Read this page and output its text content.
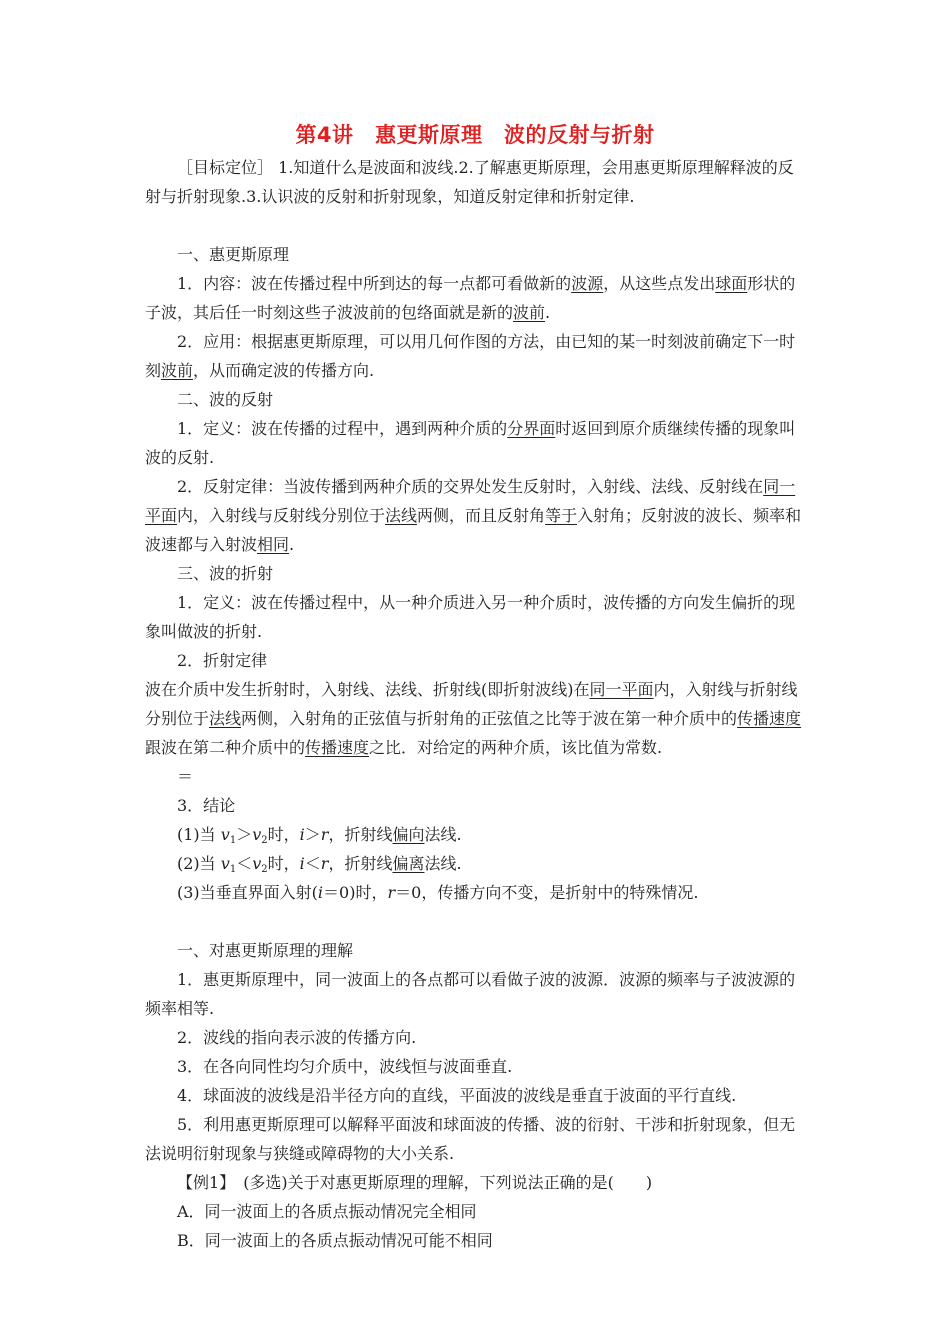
第4讲　惠更斯原理　波的反射与折射

［目标定位］ 1.知道什么是波面和波线.2.了解惠更斯原理，会用惠更斯原理解释波的反射与折射现象.3.认识波的反射和折射现象，知道反射定律和折射定律.

一、惠更斯原理

1．内容：波在传播过程中所到达的每一点都可看做新的波源，从这些点发出球面形状的子波，其后任一时刻这些子波波前的包络面就是新的波前.

2．应用：根据惠更斯原理，可以用几何作图的方法，由已知的某一时刻波前确定下一时刻波前，从而确定波的传播方向.

二、波的反射

1．定义：波在传播的过程中，遇到两种介质的分界面时返回到原介质继续传播的现象叫波的反射.

2．反射定律：当波传播到两种介质的交界处发生反射时，入射线、法线、反射线在同一平面内，入射线与反射线分别位于法线两侧，而且反射角等于入射角；反射波的波长、频率和波速都与入射波相同.

三、波的折射

1．定义：波在传播过程中，从一种介质进入另一种介质时，波传播的方向发生偏折的现象叫做波的折射.

2．折射定律

波在介质中发生折射时，入射线、法线、折射线(即折射波线)在同一平面内，入射线与折射线分别位于法线两侧，入射角的正弦值与折射角的正弦值之比等于波在第一种介质中的传播速度跟波在第二种介质中的传播速度之比．对给定的两种介质，该比值为常数.

＝

3．结论

(1)当 $v_1>v_2$时，i＞r，折射线偏向法线.

(2)当 $v_1<v_2$时，i＜r，折射线偏离法线.

(3)当垂直界面入射(i＝0)时，r＝0，传播方向不变，是折射中的特殊情况.

一、对惠更斯原理的理解

1．惠更斯原理中，同一波面上的各点都可以看做子波的波源．波源的频率与子波波源的频率相等.

2．波线的指向表示波的传播方向.

3．在各向同性均匀介质中，波线恒与波面垂直.

4．球面波的波线是沿半径方向的直线，平面波的波线是垂直于波面的平行直线.

5．利用惠更斯原理可以解释平面波和球面波的传播、波的衍射、干涉和折射现象，但无法说明衍射现象与狭缝或障碍物的大小关系.

【例1】　(多选)关于对惠更斯原理的理解，下列说法正确的是(　　)

A．同一波面上的各质点振动情况完全相同

B．同一波面上的各质点振动情况可能不相同
